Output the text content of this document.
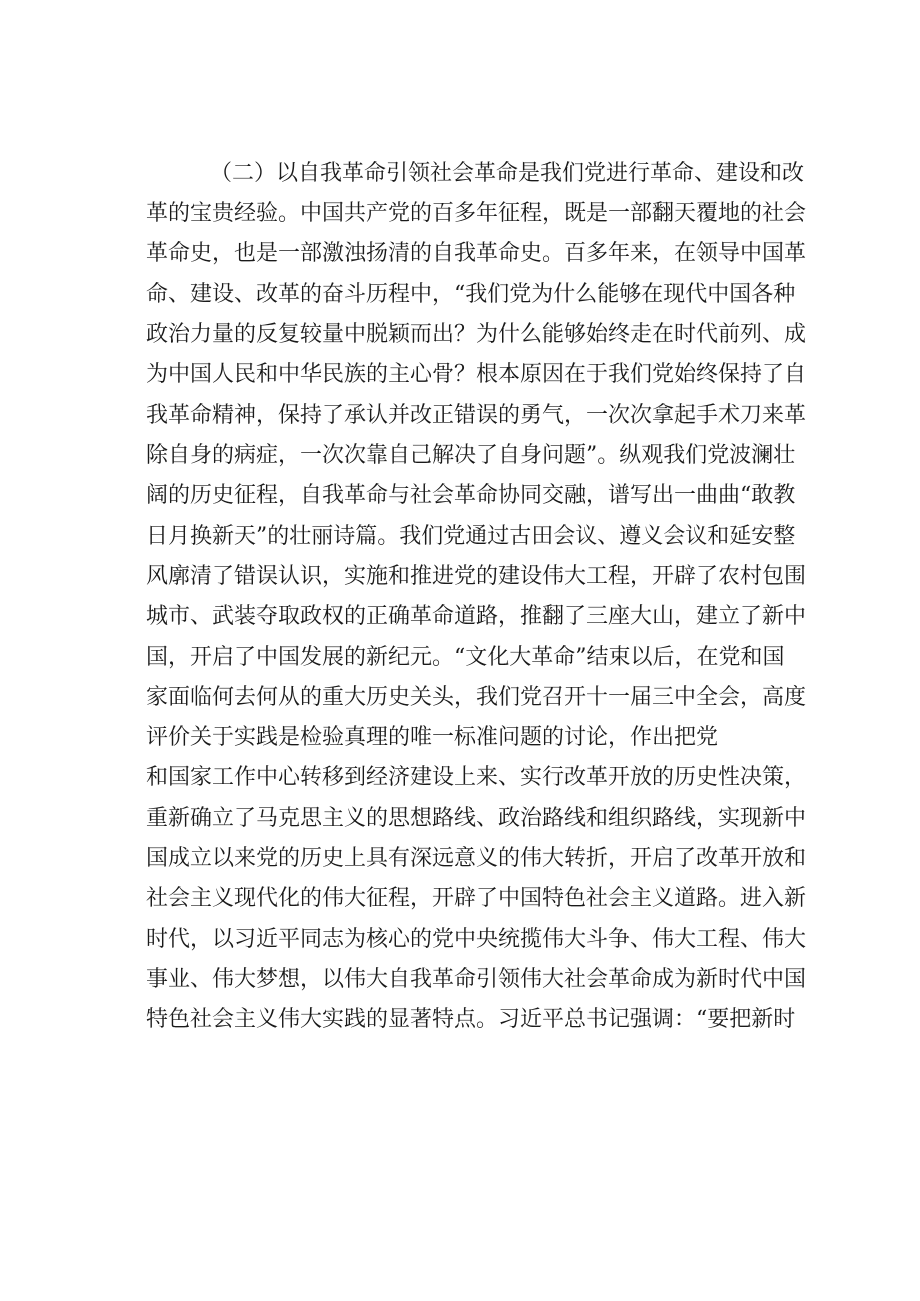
（二）以自我革命引领社会革命是我们党进行革命、建设和改
革的宝贵经验。中国共产党的百多年征程，既是一部翻天覆地的社会
革命史，也是一部激浊扬清的自我革命史。百多年来，在领导中国革
命、建设、改革的奋斗历程中，“我们党为什么能够在现代中国各种
政治力量的反复较量中脱颖而出？为什么能够始终走在时代前列、成
为中国人民和中华民族的主心骨？根本原因在于我们党始终保持了自
我革命精神，保持了承认并改正错误的勇气，一次次拿起手术刀来革
除自身的病症，一次次靠自己解决了自身问题”。纵观我们党波澜壮
阔的历史征程，自我革命与社会革命协同交融，谱写出一曲曲“敢教
日月换新天”的壮丽诗篇。我们党通过古田会议、遵义会议和延安整
风廓清了错误认识，实施和推进党的建设伟大工程，开辟了农村包围
城市、武装夺取政权的正确革命道路，推翻了三座大山，建立了新中
国，开启了中国发展的新纪元。“文化大革命”结束以后，在党和国
家面临何去何从的重大历史关头，我们党召开十一届三中全会，高度
评价关于实践是检验真理的唯一标准问题的讨论，作出把党
和国家工作中心转移到经济建设上来、实行改革开放的历史性决策，
重新确立了马克思主义的思想路线、政治路线和组织路线，实现新中
国成立以来党的历史上具有深远意义的伟大转折，开启了改革开放和
社会主义现代化的伟大征程，开辟了中国特色社会主义道路。进入新
时代，以习近平同志为核心的党中央统揽伟大斗争、伟大工程、伟大
事业、伟大梦想，以伟大自我革命引领伟大社会革命成为新时代中国
特色社会主义伟大实践的显著特点。习近平总书记强调：“要把新时
